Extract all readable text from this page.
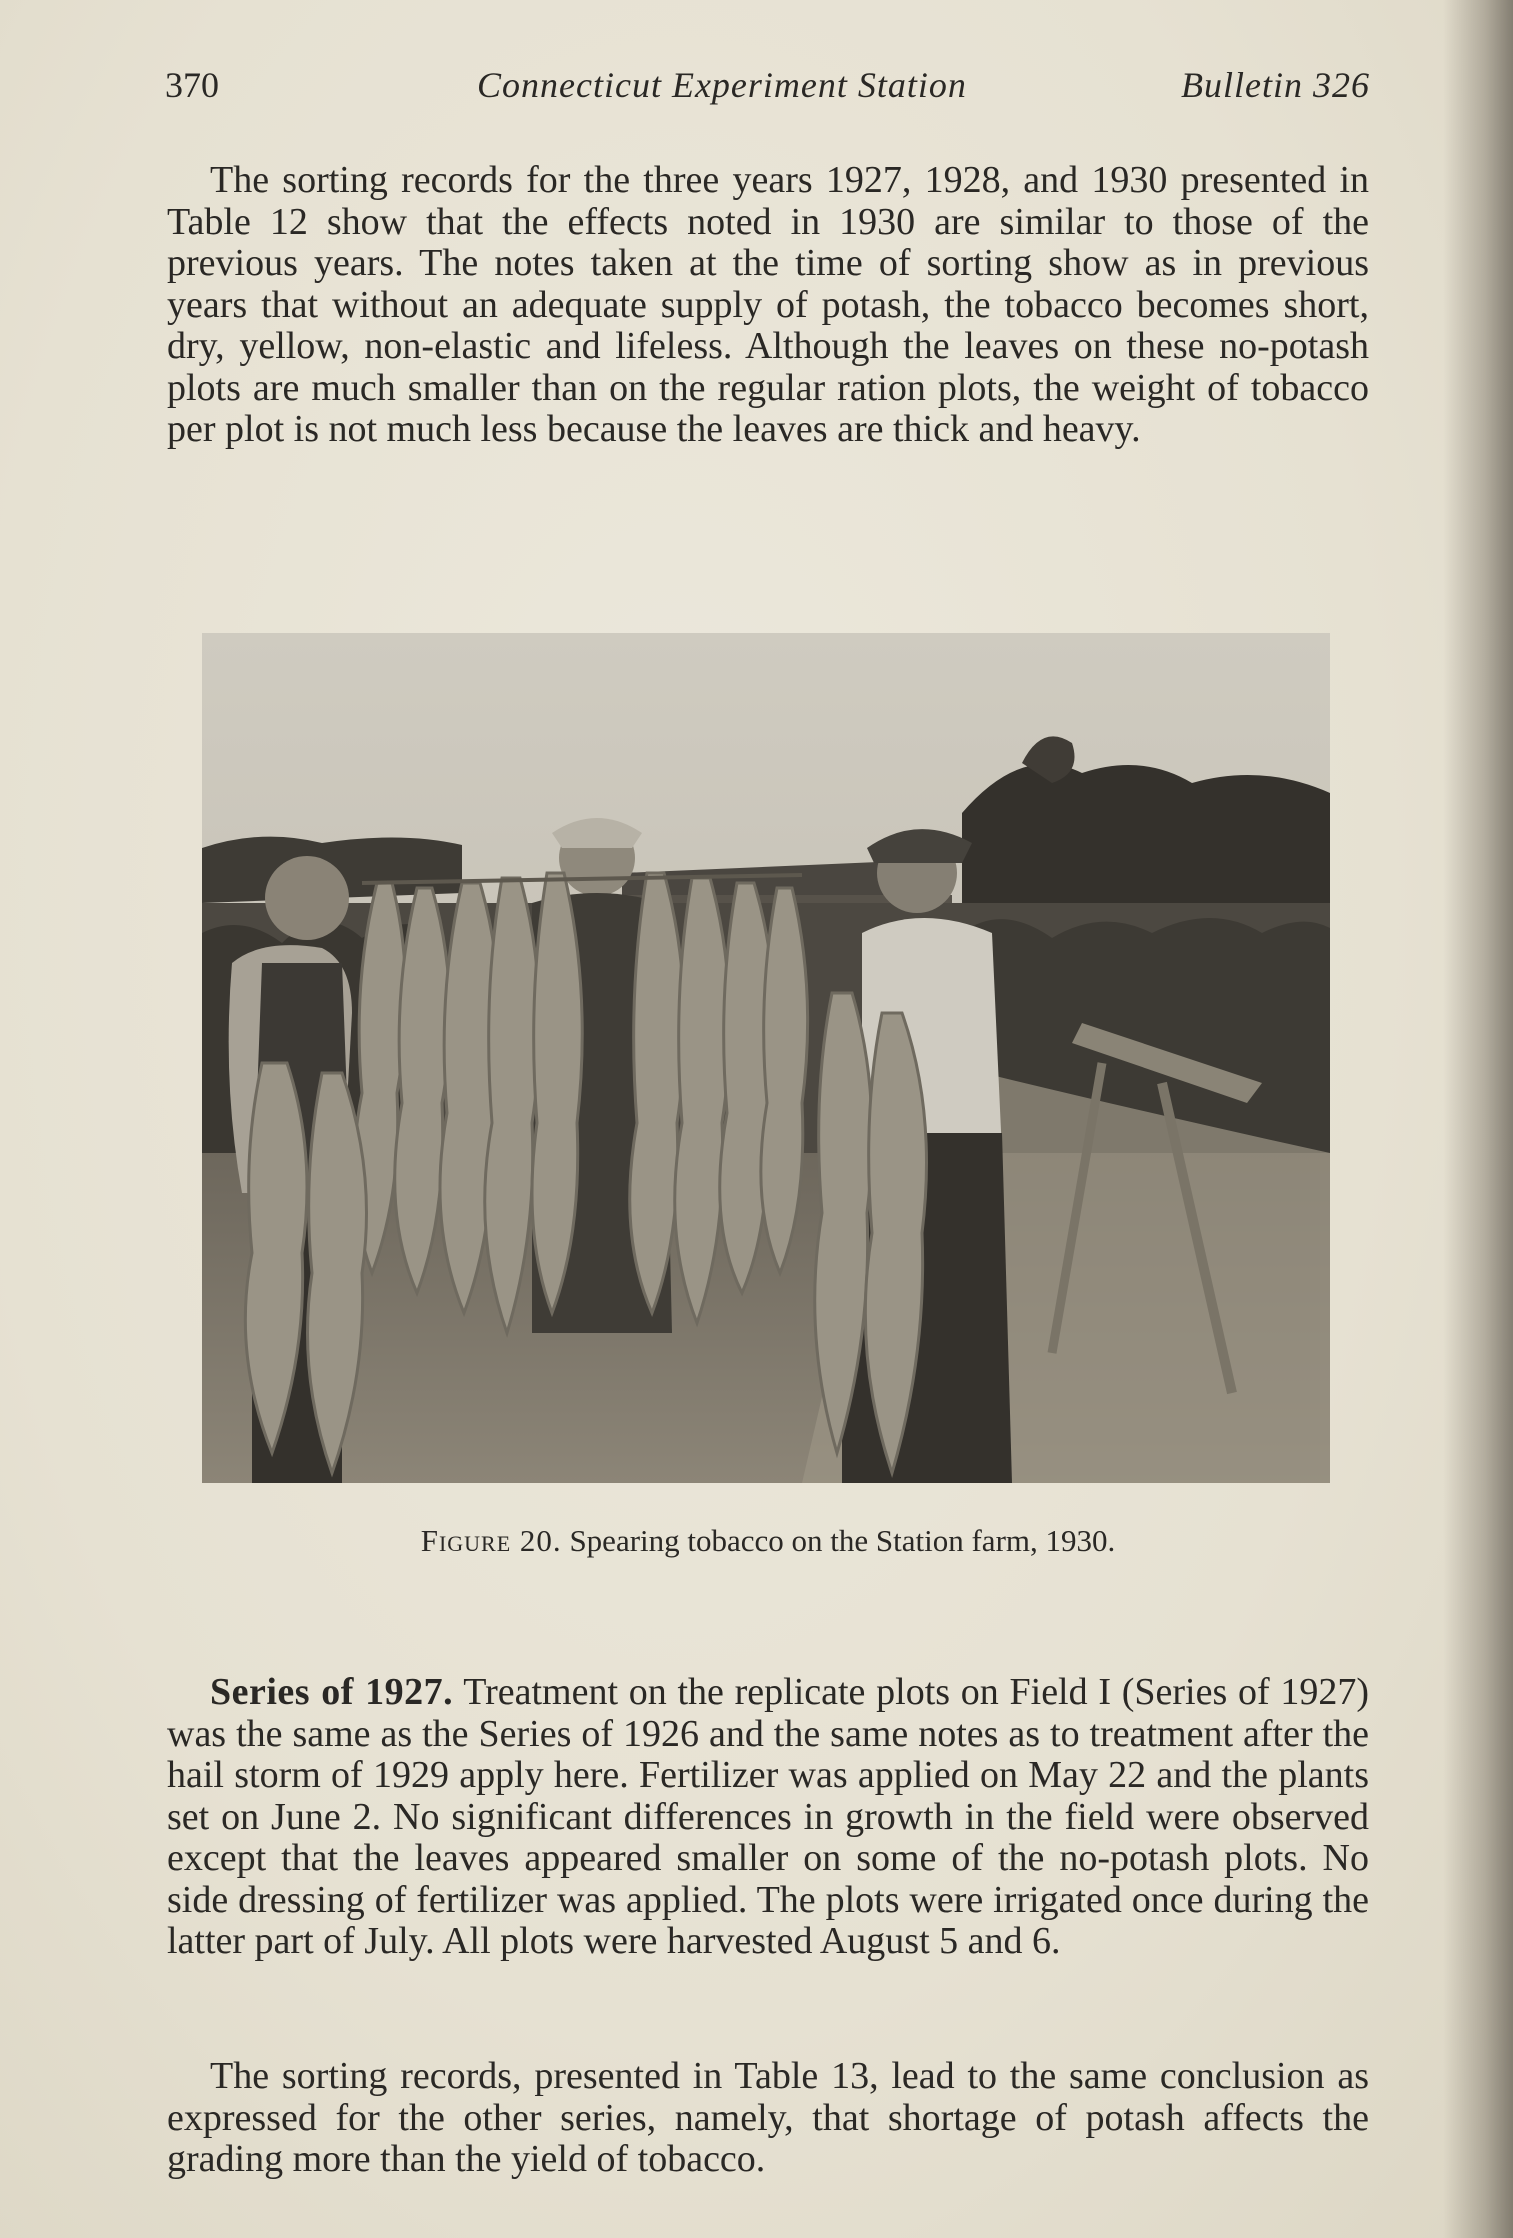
370	Connecticut Experiment Station	Bulletin 326

The sorting records for the three years 1927, 1928, and 1930 presented in Table 12 show that the effects noted in 1930 are similar to those of the previous years. The notes taken at the time of sorting show as in previous years that without an adequate supply of potash, the tobacco becomes short, dry, yellow, non-elastic and lifeless. Although the leaves on these no-potash plots are much smaller than on the regular ration plots, the weight of tobacco per plot is not much less because the leaves are thick and heavy.

Figure 20. Spearing tobacco on the Station farm, 1930.

Series of 1927. Treatment on the replicate plots on Field I (Series of 1927) was the same as the Series of 1926 and the same notes as to treatment after the hail storm of 1929 apply here. Fertilizer was applied on May 22 and the plants set on June 2. No significant differences in growth in the field were observed except that the leaves appeared smaller on some of the no-potash plots. No side dressing of fertilizer was applied. The plots were irrigated once during the latter part of July. All plots were harvested August 5 and 6.

The sorting records, presented in Table 13, lead to the same conclusion as expressed for the other series, namely, that shortage of potash affects the grading more than the yield of tobacco.
